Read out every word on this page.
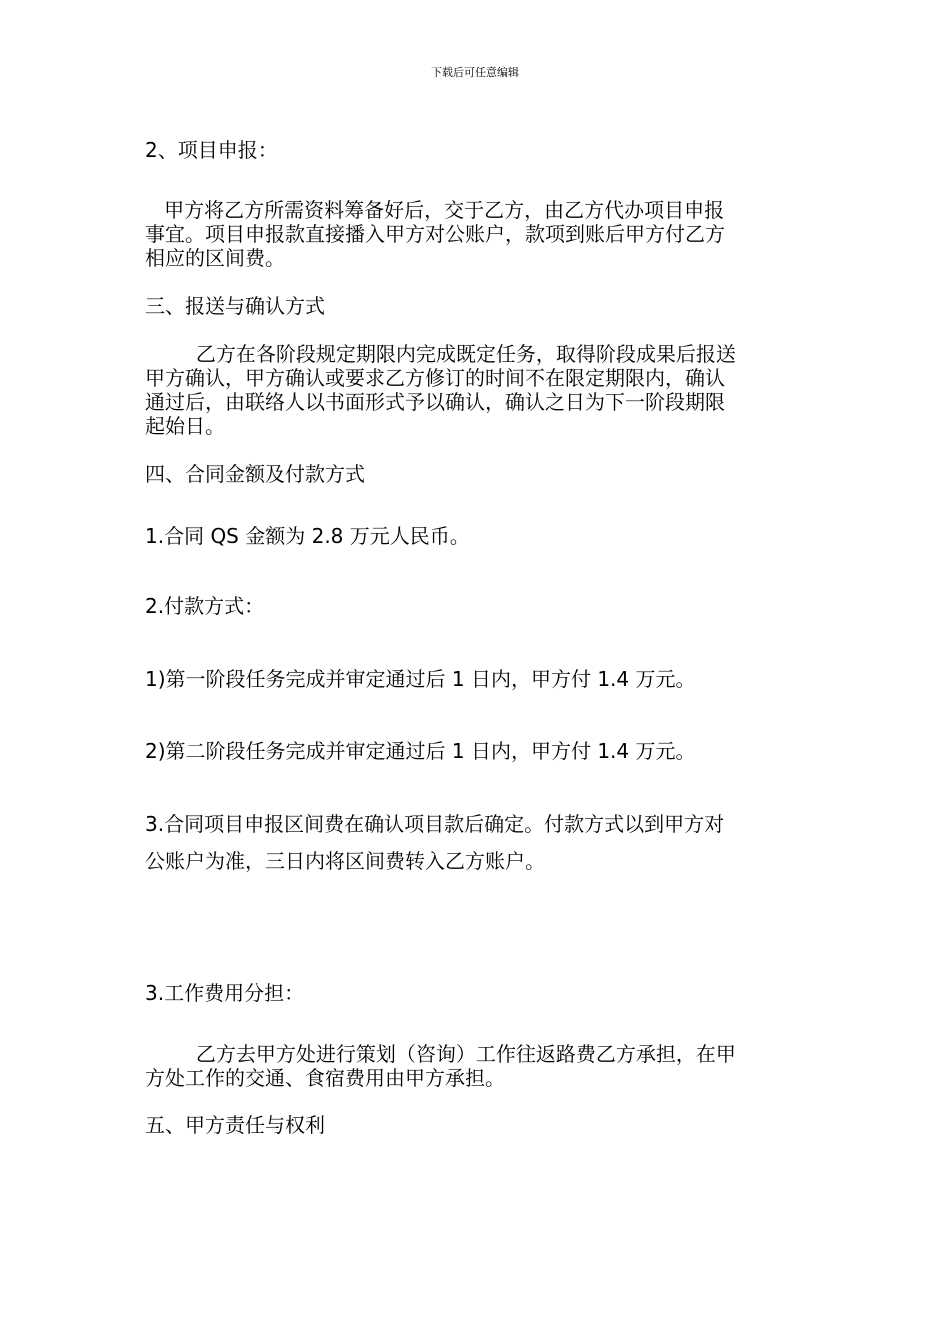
下载后可任意编辑
2、项目申报：
甲方将乙方所需资料筹备好后，交于乙方，由乙方代办项目申报
事宜。项目申报款直接播入甲方对公账户，款项到账后甲方付乙方
相应的区间费。
三、报送与确认方式
乙方在各阶段规定期限内完成既定任务，取得阶段成果后报送
甲方确认，甲方确认或要求乙方修订的时间不在限定期限内，确认
通过后，由联络人以书面形式予以确认，确认之日为下一阶段期限
起始日。
四、合同金额及付款方式
1.合同 QS 金额为 2.8 万元人民币。
2.付款方式：
1)第一阶段任务完成并审定通过后 1 日内，甲方付 1.4 万元。
2)第二阶段任务完成并审定通过后 1 日内，甲方付 1.4 万元。
3.合同项目申报区间费在确认项目款后确定。付款方式以到甲方对
公账户为准，三日内将区间费转入乙方账户。
3.工作费用分担：
乙方去甲方处进行策划（咨询）工作往返路费乙方承担，在甲
方处工作的交通、食宿费用由甲方承担。
五、甲方责任与权利
